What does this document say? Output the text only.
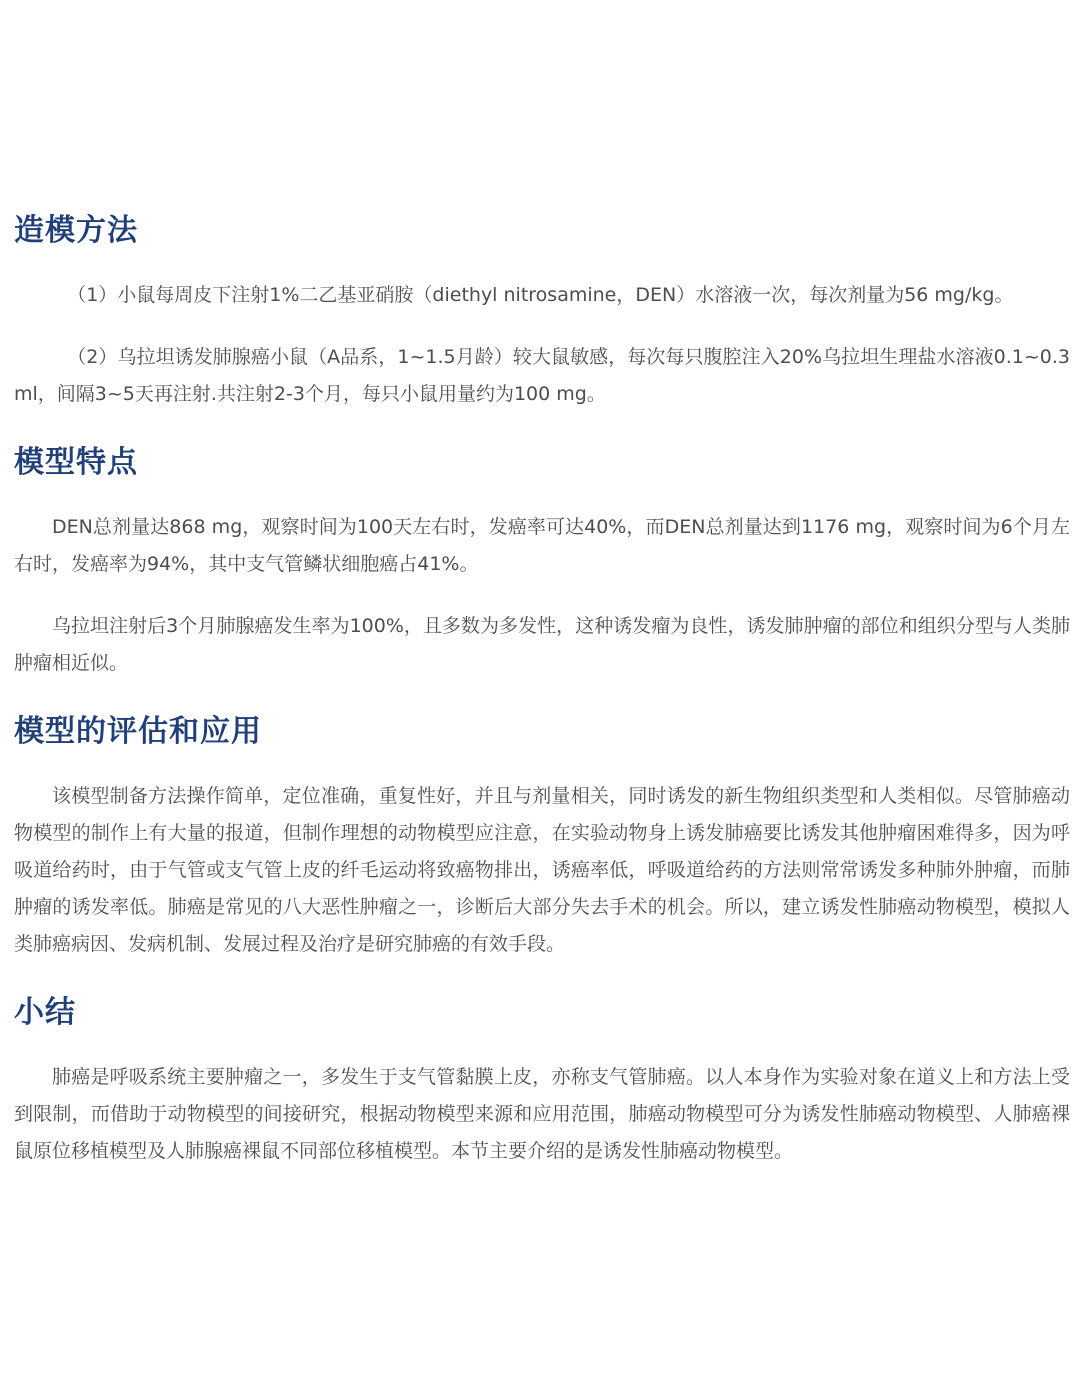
造模方法

（1）小鼠每周皮下注射1%二乙基亚硝胺（diethyl nitrosamine，DEN）水溶液一次，每次剂量为56 mg/kg。

（2）乌拉坦诱发肺腺癌小鼠（A品系，1~1.5月龄）较大鼠敏感，每次每只腹腔注入20%乌拉坦生理盐水溶液0.1~0.3 ml，间隔3~5天再注射.共注射2-3个月，每只小鼠用量约为100 mg。

模型特点

DEN总剂量达868 mg，观察时间为100天左右时，发癌率可达40%，而DEN总剂量达到1176 mg，观察时间为6个月左右时，发癌率为94%，其中支气管鳞状细胞癌占41%。

乌拉坦注射后3个月肺腺癌发生率为100%，且多数为多发性，这种诱发瘤为良性，诱发肺肿瘤的部位和组织分型与人类肺肿瘤相近似。

模型的评估和应用

该模型制备方法操作简单，定位准确，重复性好，并且与剂量相关，同时诱发的新生物组织类型和人类相似。尽管肺癌动物模型的制作上有大量的报道，但制作理想的动物模型应注意，在实验动物身上诱发肺癌要比诱发其他肿瘤困难得多，因为呼吸道给药时，由于气管或支气管上皮的纤毛运动将致癌物排出，诱癌率低，呼吸道给药的方法则常常诱发多种肺外肿瘤，而肺肿瘤的诱发率低。肺癌是常见的八大恶性肿瘤之一，诊断后大部分失去手术的机会。所以，建立诱发性肺癌动物模型，模拟人类肺癌病因、发病机制、发展过程及治疗是研究肺癌的有效手段。

小结

肺癌是呼吸系统主要肿瘤之一，多发生于支气管黏膜上皮，亦称支气管肺癌。以人本身作为实验对象在道义上和方法上受到限制，而借助于动物模型的间接研究，根据动物模型来源和应用范围，肺癌动物模型可分为诱发性肺癌动物模型、人肺癌裸鼠原位移植模型及人肺腺癌裸鼠不同部位移植模型。本节主要介绍的是诱发性肺癌动物模型。
